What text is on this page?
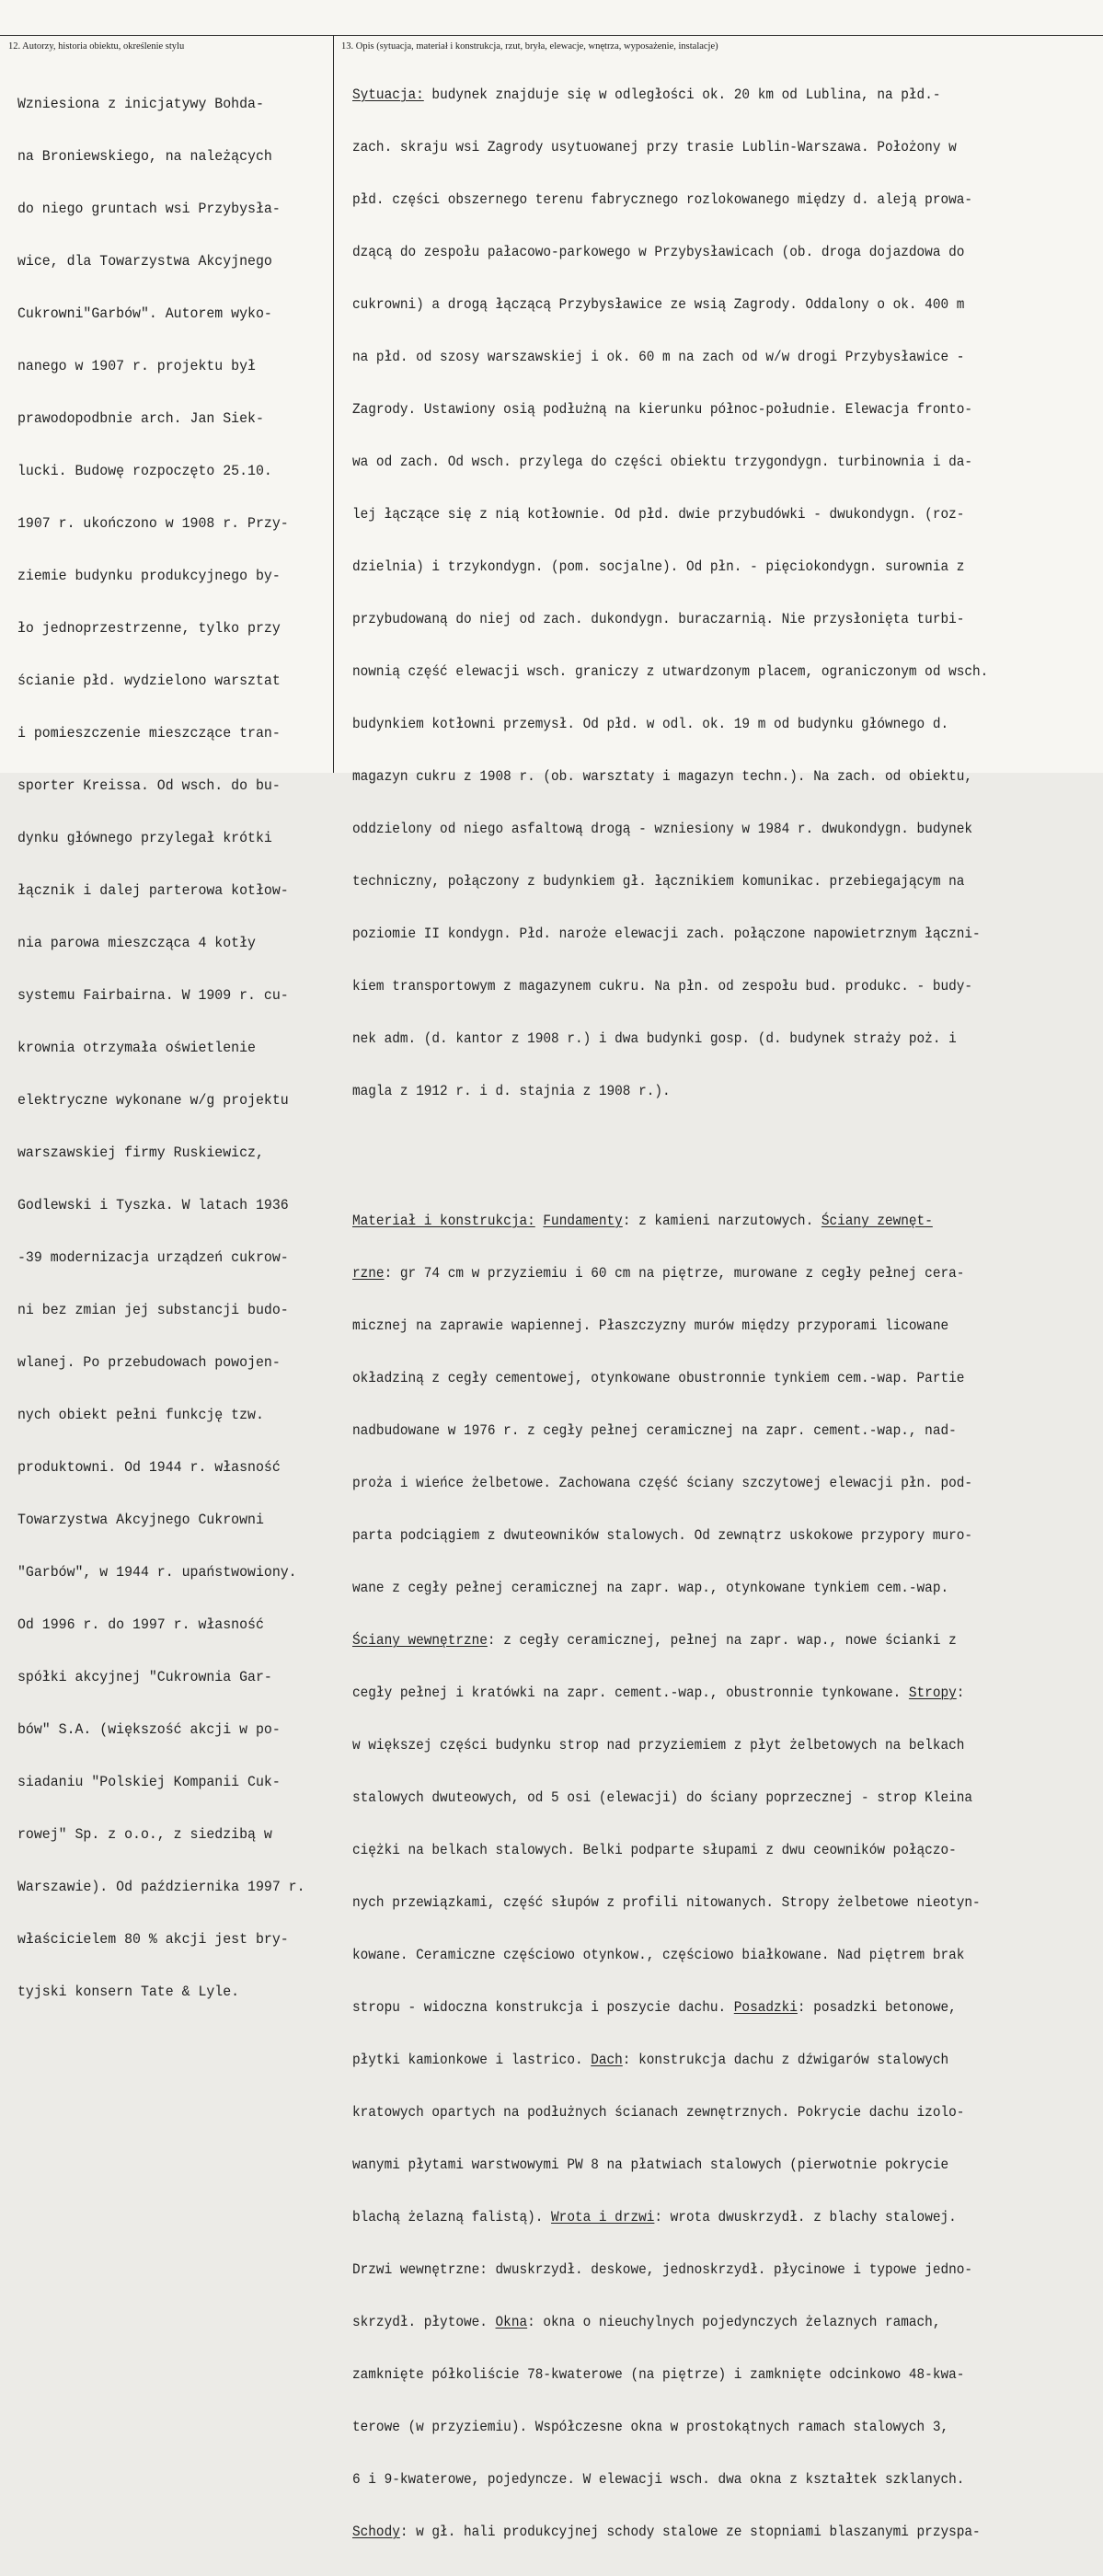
12. Autorzy, historia obiektu, określenie stylu	13. Opis (sytuacja, materiał i konstrukcja, rzut, bryła, elewacje, wnętrza, wyposażenie, instalacje)

Wzniesiona z inicjatywy Bohda-

na Broniewskiego, na należących

do niego gruntach wsi Przybysła-

wice, dla Towarzystwa Akcyjnego

Cukrowni"Garbów". Autorem wyko-

nanego w 1907 r. projektu był

prawodopodbnie arch. Jan Siek-

lucki. Budowę rozpoczęto 25.10.

1907 r. ukończono w 1908 r. Przy-

ziemie budynku produkcyjnego by-

ło jednoprzestrzenne, tylko przy

ścianie płd. wydzielono warsztat

i pomieszczenie mieszczące tran-

sporter Kreissa. Od wsch. do bu-

dynku głównego przylegał krótki

łącznik i dalej parterowa kotłow-

nia parowa mieszcząca 4 kotły

systemu Fairbairna. W 1909 r. cu-

krownia otrzymała oświetlenie

elektryczne wykonane w/g projektu

warszawskiej firmy Ruskiewicz,

Godlewski i Tyszka. W latach 1936

-39 modernizacja urządzeń cukrow-

ni bez zmian jej substancji budo-

wlanej. Po przebudowach powojen-

nych obiekt pełni funkcję tzw.

produktowni. Od 1944 r. własność

Towarzystwa Akcyjnego Cukrowni

"Garbów", w 1944 r. upaństwowiony.

Od 1996 r. do 1997 r. własność

spółki akcyjnej "Cukrownia Gar-

bów" S.A. (większość akcji w po-

siadaniu "Polskiej Kompanii Cuk-

rowej" Sp. z o.o., z siedzibą w

Warszawie). Od października 1997 r.

właścicielem 80 % akcji jest bry-

tyjski konsern Tate & Lyle.

Sytuacja: budynek znajduje się w odległości ok. 20 km od Lublina, na płd.-

zach. skraju wsi Zagrody usytuowanej przy trasie Lublin-Warszawa. Położony w

płd. części obszernego terenu fabrycznego rozlokowanego między d. aleją prowa-

dzącą do zespołu pałacowo-parkowego w Przybysławicach (ob. droga dojazdowa do

cukrowni) a drogą łączącą Przybysławice ze wsią Zagrody. Oddalony o ok. 400 m

na płd. od szosy warszawskiej i ok. 60 m na zach od w/w drogi Przybysławice -

Zagrody. Ustawiony osią podłużną na kierunku północ-południe. Elewacja fronto-

wa od zach. Od wsch. przylega do części obiektu trzygondygn. turbinownia i da-

lej łączące się z nią kotłownie. Od płd. dwie przybudówki - dwukondygn. (roz-

dzielnia) i trzykondygn. (pom. socjalne). Od płn. - pięciokondygn. surownia z

przybudowaną do niej od zach. dukondygn. buraczarnią. Nie przysłonięta turbi-

nownią część elewacji wsch. graniczy z utwardzonym placem, ograniczonym od wsch.

budynkiem kotłowni przemysł. Od płd. w odl. ok. 19 m od budynku głównego d.

magazyn cukru z 1908 r. (ob. warsztaty i magazyn techn.). Na zach. od obiektu,

oddzielony od niego asfaltową drogą - wzniesiony w 1984 r. dwukondygn. budynek

techniczny, połączony z budynkiem gł. łącznikiem komunikac. przebiegającym na

poziomie II kondygn. Płd. naroże elewacji zach. połączone napowietrznym łączni-

kiem transportowym z magazynem cukru. Na płn. od zespołu bud. produkc. - budy-

nek adm. (d. kantor z 1908 r.) i dwa budynki gosp. (d. budynek straży poż. i

magla z 1912 r. i d. stajnia z 1908 r.).

Materiał i konstrukcja: Fundamenty: z kamieni narzutowych. Ściany zewnęt-

rzne: gr 74 cm w przyziemiu i 60 cm na piętrze, murowane z cegły pełnej cera-

micznej na zaprawie wapiennej. Płaszczyzny murów między przyporami licowane

okładziną z cegły cementowej, otynkowane obustronnie tynkiem cem.-wap. Partie

nadbudowane w 1976 r. z cegły pełnej ceramicznej na zapr. cement.-wap., nad-

proża i wieńce żelbetowe. Zachowana część ściany szczytowej elewacji płn. pod-

parta podciągiem z dwuteowników stalowych. Od zewnątrz uskokowe przypory muro-

wane z cegły pełnej ceramicznej na zapr. wap., otynkowane tynkiem cem.-wap.

Ściany wewnętrzne: z cegły ceramicznej, pełnej na zapr. wap., nowe ścianki z

cegły pełnej i kratówki na zapr. cement.-wap., obustronnie tynkowane. Stropy:

w większej części budynku strop nad przyziemiem z płyt żelbetowych na belkach

stalowych dwuteowych, od 5 osi (elewacji) do ściany poprzecznej - strop Kleina

ciężki na belkach stalowych. Belki podparte słupami z dwu ceowników połączo-

nych przewiązkami, część słupów z profili nitowanych. Stropy żelbetowe nieotyn-

kowane. Ceramiczne częściowo otynkow., częściowo białkowane. Nad piętrem brak

stropu - widoczna konstrukcja i poszycie dachu. Posadzki: posadzki betonowe,

płytki kamionkowe i lastrico. Dach: konstrukcja dachu z dźwigarów stalowych

kratowych opartych na podłużnych ścianach zewnętrznych. Pokrycie dachu izolo-

wanymi płytami warstwowymi PW 8 na płatwiach stalowych (pierwotnie pokrycie

blachą żelazną falistą). Wrota i drzwi: wrota dwuskrzydł. z blachy stalowej.

Drzwi wewnętrzne: dwuskrzydł. deskowe, jednoskrzydł. płycinowe i typowe jedno-

skrzydł. płytowe. Okna: okna o nieuchylnych pojedynczych żelaznych ramach,

zamknięte półkoliście 78-kwaterowe (na piętrze) i zamknięte odcinkowo 48-kwa-

terowe (w przyziemiu). Współczesne okna w prostokątnych ramach stalowych 3,

6 i 9-kwaterowe, pojedyncze. W elewacji wsch. dwa okna z kształtek szklanych.

Schody: w gł. hali produkcyjnej schody stalowe ze stopniami blaszanymi przyspa-
